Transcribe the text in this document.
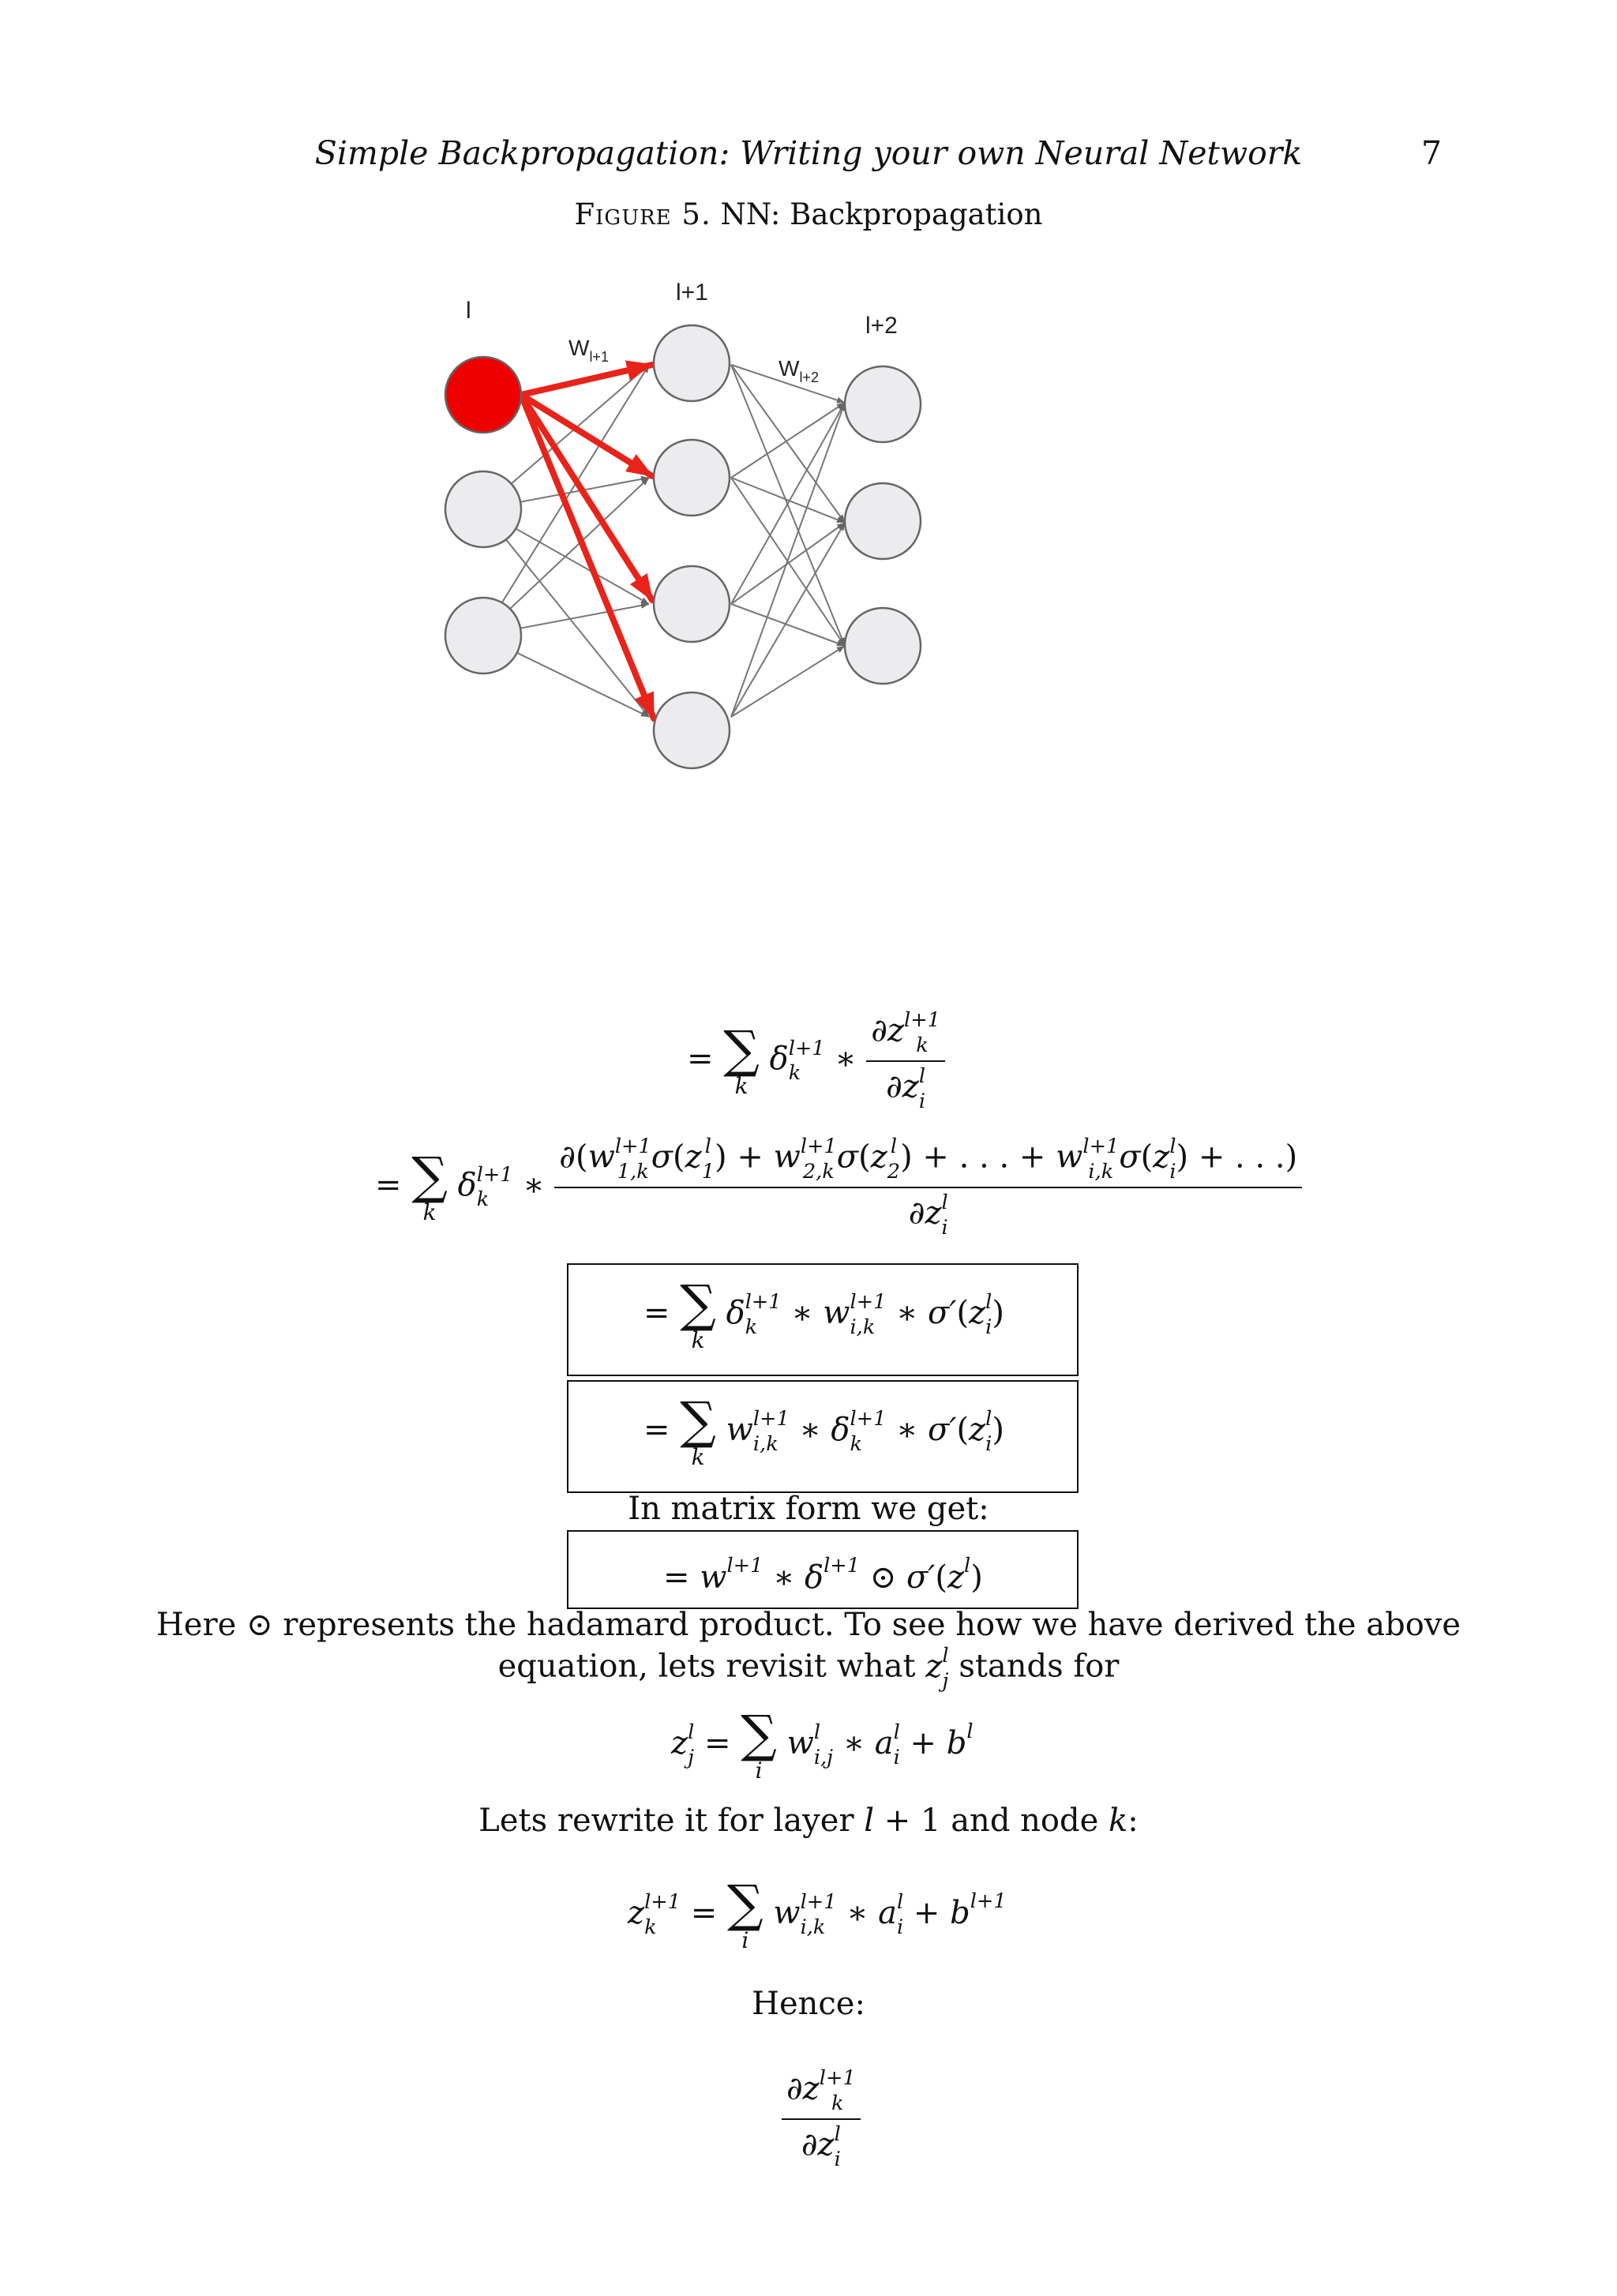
Simple Backpropagation: Writing your own Neural Network	7
Figure 5. NN: Backpropagation
l
l+1
l+2
$W_{l+1}$	$W_{l+2}$
= ∑
k
δ l+1
k	∗ ∂z l+1
k
∂z l
i
= ∑
k
δ l+1
k	∗
∂(w l+1
1,k σ(z l
1 ) + w l+1
2,k σ(z l
2 ) + . . . + w l+1
i,k σ(z l
i ) + . . .)
∂z l
i
= ∑
k
δ l+1
k	∗ w l+1
i,k ∗ σ′(z l
i )
= ∑
k
w l+1
i,k ∗ δ l+1
k	∗ σ′(z l
i )
In matrix form we get:
= $w^{l+1}$ ∗ $\delta^{l+1}$ ⊙ $\sigma'(z^l)$
Here ⊙ represents the hadamard product. To see how we have derived the above
equation, lets revisit what z l
j stands for
z l
j = ∑
i
w l
i,j ∗ a l
$i + b^l$
Lets rewrite it for layer l + 1 and node k:
z l+1
k	= ∑
i
w l+1
i,k ∗ a l
$i + b^{l+1}$
Hence:
∂z l+1
k
∂z l
i
